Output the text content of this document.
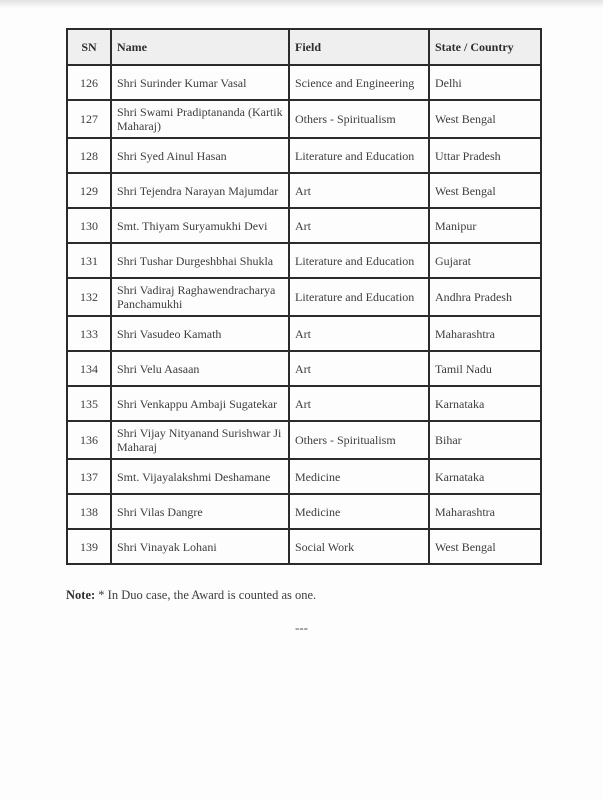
SN	Name	Field	State / Country
126	Shri Surinder Kumar Vasal	Science and Engineering	Delhi
127	Shri Swami Pradiptananda (Kartik Maharaj)	Others - Spiritualism	West Bengal
128	Shri Syed Ainul Hasan	Literature and Education	Uttar Pradesh
129	Shri Tejendra Narayan Majumdar	Art	West Bengal
130	Smt. Thiyam Suryamukhi Devi	Art	Manipur
131	Shri Tushar Durgeshbhai Shukla	Literature and Education	Gujarat
132	Shri Vadiraj Raghawendracharya Panchamukhi	Literature and Education	Andhra Pradesh
133	Shri Vasudeo Kamath	Art	Maharashtra
134	Shri Velu Aasaan	Art	Tamil Nadu
135	Shri Venkappu Ambaji Sugatekar	Art	Karnataka
136	Shri Vijay Nityanand Surishwar Ji Maharaj	Others - Spiritualism	Bihar
137	Smt. Vijayalakshmi Deshamane	Medicine	Karnataka
138	Shri Vilas Dangre	Medicine	Maharashtra
139	Shri Vinayak Lohani	Social Work	West Bengal
Note: * In Duo case, the Award is counted as one.
---
